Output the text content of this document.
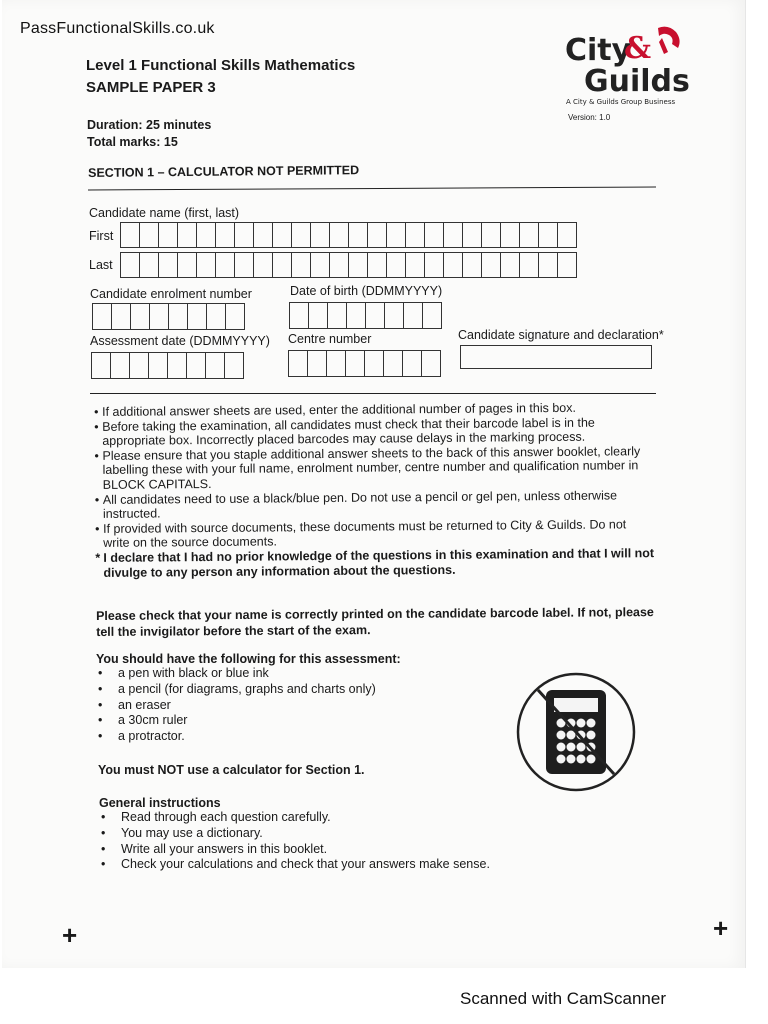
Level 1 Functional Skills Mathematics
SAMPLE PAPER 3
Duration: 25 minutes
Total marks: 15
City
&
Guilds
A City & Guilds Group Business
Version: 1.0
SECTION 1 – CALCULATOR NOT PERMITTED
Candidate name (first, last)
First
Last
Candidate enrolment number	Date of birth (DDMMYYYY)
Assessment date (DDMMYYYY) Centre number	Candidate signature and declaration*
• If additional answer sheets are used, enter the additional number of pages in this box.
• Before taking the examination, all candidates must check that their barcode label is in the appropriate box. Incorrectly placed barcodes may cause delays in the marking process.
• Please ensure that you staple additional answer sheets to the back of this answer booklet, clearly labelling these with your full name, enrolment number, centre number and qualification number in BLOCK CAPITALS.
• All candidates need to use a black/blue pen. Do not use a pencil or gel pen, unless otherwise instructed.
• If provided with source documents, these documents must be returned to City & Guilds. Do not write on the source documents.
* I declare that I had no prior knowledge of the questions in this examination and that I will not divulge to any person any information about the questions.
Please check that your name is correctly printed on the candidate barcode label. If not, please tell the invigilator before the start of the exam.
You should have the following for this assessment:
• a pen with black or blue ink
• a pencil (for diagrams, graphs and charts only)
• an eraser
• a 30cm ruler
• a protractor.
You must NOT use a calculator for Section 1.
General instructions
• Read through each question carefully.
• You may use a dictionary.
• Write all your answers in this booklet.
• Check your calculations and check that your answers make sense.
+	+
PassFunctionalSkills.co.uk
Scanned with CamScanner
